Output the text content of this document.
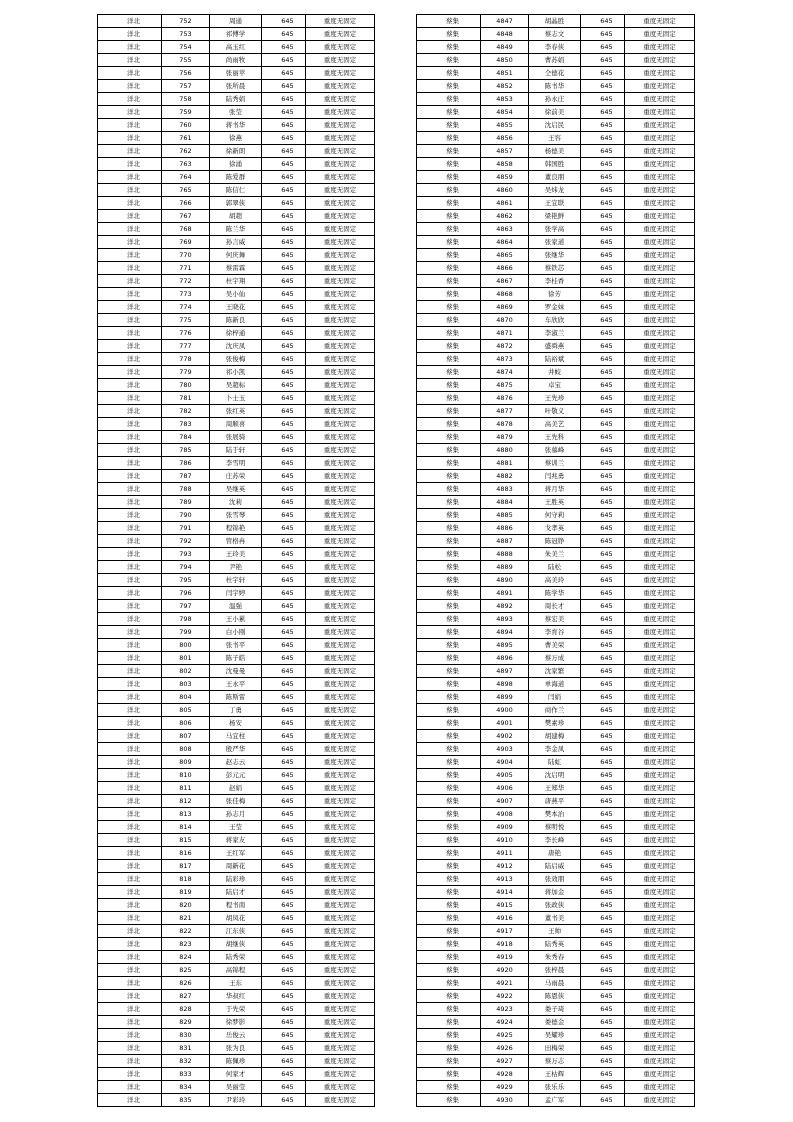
洋北	752	周通	645	重度无固定
洋北	753	祁傅学	645	重度无固定
洋北	754	高玉红	645	重度无固定
洋北	755	尚雨牧	645	重度无固定
洋北	756	张丽苹	645	重度无固定
洋北	757	张所晨	645	重度无固定
洋北	758	陆秀娟	645	重度无固定
洋北	759	张莹	645	重度无固定
洋北	760	蒋书华	645	重度无固定
洋北	761	徐燕	645	重度无固定
洋北	762	徐新朗	645	重度无固定
洋北	763	徐涌	645	重度无固定
洋北	764	陈爱群	645	重度无固定
洋北	765	陈信仁	645	重度无固定
洋北	766	郭翠侠	645	重度无固定
洋北	767	胡超	645	重度无固定
洋北	768	陈兰华	645	重度无固定
洋北	769	孙言威	645	重度无固定
洋北	770	何庆舞	645	重度无固定
洋北	771	蔡雷霖	645	重度无固定
洋北	772	杜宇翔	645	重度无固定
洋北	773	吴小仙	645	重度无固定
洋北	774	王晓花	645	重度无固定
洋北	775	陈新良	645	重度无固定
洋北	776	徐梓通	645	重度无固定
洋北	777	沈庆凤	645	重度无固定
洋北	778	张俊梅	645	重度无固定
洋北	779	祁小凯	645	重度无固定
洋北	780	吴超标	645	重度无固定
洋北	781	卜士玉	645	重度无固定
洋北	782	张红英	645	重度无固定
洋北	783	周顺喜	645	重度无固定
洋北	784	张展骑	645	重度无固定
洋北	785	陆于轩	645	重度无固定
洋北	786	李雪明	645	重度无固定
洋北	787	庄苏荣	645	重度无固定
洋北	788	吴继英	645	重度无固定
洋北	789	沈莉	645	重度无固定
洋北	790	张雪琴	645	重度无固定
洋北	791	程锦艳	645	重度无固定
洋北	792	管格冉	645	重度无固定
洋北	793	王玲美	645	重度无固定
洋北	794	尹艳	645	重度无固定
洋北	795	杜宇轩	645	重度无固定
洋北	796	闫宇婷	645	重度无固定
洋北	797	温强	645	重度无固定
洋北	798	王小累	645	重度无固定
洋北	799	白小刚	645	重度无固定
洋北	800	张书平	645	重度无固定
洋北	801	陈子皓	645	重度无固定
洋北	802	沈曼曼	645	重度无固定
洋北	803	王永平	645	重度无固定
洋北	804	陈斯雷	645	重度无固定
洋北	805	丁勇	645	重度无固定
洋北	806	杨安	645	重度无固定
洋北	807	马宜柱	645	重度无固定
洋北	808	殷严华	645	重度无固定
洋北	809	赵志云	645	重度无固定
洋北	810	彭元元	645	重度无固定
洋北	811	赵娟	645	重度无固定
洋北	812	张佳梅	645	重度无固定
洋北	813	孙志月	645	重度无固定
洋北	814	王莹	645	重度无固定
洋北	815	蒋家友	645	重度无固定
洋北	816	王红军	645	重度无固定
洋北	817	周新花	645	重度无固定
洋北	818	陆彩珍	645	重度无固定
洋北	819	陆启才	645	重度无固定
洋北	820	程书南	645	重度无固定
洋北	821	胡凤花	645	重度无固定
洋北	822	江东侠	645	重度无固定
洋北	823	胡继侠	645	重度无固定
洋北	824	陆秀荣	645	重度无固定
洋北	825	高锦程	645	重度无固定
洋北	826	王东	645	重度无固定
洋北	827	华叔红	645	重度无固定
洋北	828	于先荣	645	重度无固定
洋北	829	徐梦影	645	重度无固定
洋北	830	岳俊云	645	重度无固定
洋北	831	张为良	645	重度无固定
洋北	832	陈佩珍	645	重度无固定
洋北	833	何家才	645	重度无固定
洋北	834	吴丽莹	645	重度无固定
洋北	835	尹彩玲	645	重度无固定
蔡集	4847	胡晶胜	645	重度无固定
蔡集	4848	蔡志文	645	重度无固定
蔡集	4849	李春侠	645	重度无固定
蔡集	4850	曹苏娟	645	重度无固定
蔡集	4851	仝德花	645	重度无固定
蔡集	4852	陈书华	645	重度无固定
蔡集	4853	孙永庄	645	重度无固定
蔡集	4854	徐前美	645	重度无固定
蔡集	4855	沈启民	645	重度无固定
蔡集	4856	王容	645	重度无固定
蔡集	4857	杨德美	645	重度无固定
蔡集	4858	韩国胜	645	重度无固定
蔡集	4859	董良朋	645	重度无固定
蔡集	4860	吴炜龙	645	重度无固定
蔡集	4861	王宜联	645	重度无固定
蔡集	4862	梁艳鲜	645	重度无固定
蔡集	4863	张学高	645	重度无固定
蔡集	4864	张家道	645	重度无固定
蔡集	4865	张继华	645	重度无固定
蔡集	4866	蔡铁芯	645	重度无固定
蔡集	4867	李桂香	645	重度无固定
蔡集	4868	徐芳	645	重度无固定
蔡集	4869	罗金妹	645	重度无固定
蔡集	4870	车欣欣	645	重度无固定
蔡集	4871	李淑兰	645	重度无固定
蔡集	4872	盛舜燕	645	重度无固定
蔡集	4873	陆裕斌	645	重度无固定
蔡集	4874	井蛟	645	重度无固定
蔡集	4875	卓宝	645	重度无固定
蔡集	4876	王先珍	645	重度无固定
蔡集	4877	叶敬义	645	重度无固定
蔡集	4878	高美艺	645	重度无固定
蔡集	4879	王先科	645	重度无固定
蔡集	4880	张慕峰	645	重度无固定
蔡集	4881	蔡训兰	645	重度无固定
蔡集	4882	闫兆勇	645	重度无固定
蔡集	4883	蒋月华	645	重度无固定
蔡集	4884	王胜英	645	重度无固定
蔡集	4885	何守莉	645	重度无固定
蔡集	4886	戈孝英	645	重度无固定
蔡集	4887	陈冠铮	645	重度无固定
蔡集	4888	朱美兰	645	重度无固定
蔡集	4889	陆松	645	重度无固定
蔡集	4890	高美玲	645	重度无固定
蔡集	4891	陈学华	645	重度无固定
蔡集	4892	周长才	645	重度无固定
蔡集	4893	蔡宏美	645	重度无固定
蔡集	4894	李育谷	645	重度无固定
蔡集	4895	曹美荣	645	重度无固定
蔡集	4896	蔡万成	645	重度无固定
蔡集	4897	沈家繁	645	重度无固定
蔡集	4898	单海道	645	重度无固定
蔡集	4899	闫娟	645	重度无固定
蔡集	4900	商作兰	645	重度无固定
蔡集	4901	樊素珍	645	重度无固定
蔡集	4902	胡建梅	645	重度无固定
蔡集	4903	李金凤	645	重度无固定
蔡集	4904	陆虹	645	重度无固定
蔡集	4905	沈启明	645	重度无固定
蔡集	4906	王郑华	645	重度无固定
蔡集	4907	唐燕平	645	重度无固定
蔡集	4908	樊本治	645	重度无固定
蔡集	4909	蔡明悦	645	重度无固定
蔡集	4910	李长峰	645	重度无固定
蔡集	4911	唐艳	645	重度无固定
蔡集	4912	陆启威	645	重度无固定
蔡集	4913	张效朋	645	重度无固定
蔡集	4914	蒋加金	645	重度无固定
蔡集	4915	张政侠	645	重度无固定
蔡集	4916	董书美	645	重度无固定
蔡集	4917	王帅	645	重度无固定
蔡集	4918	陆秀英	645	重度无固定
蔡集	4919	朱秀春	645	重度无固定
蔡集	4920	张梓晨	645	重度无固定
蔡集	4921	马雨晨	645	重度无固定
蔡集	4922	陈恩侠	645	重度无固定
蔡集	4923	娄子琦	645	重度无固定
蔡集	4924	娄德金	645	重度无固定
蔡集	4925	吴耀珍	645	重度无固定
蔡集	4926	田梅荣	645	重度无固定
蔡集	4927	蔡万志	645	重度无固定
蔡集	4928	王枯辉	645	重度无固定
蔡集	4929	张乐乐	645	重度无固定
蔡集	4930	孟广军	645	重度无固定
